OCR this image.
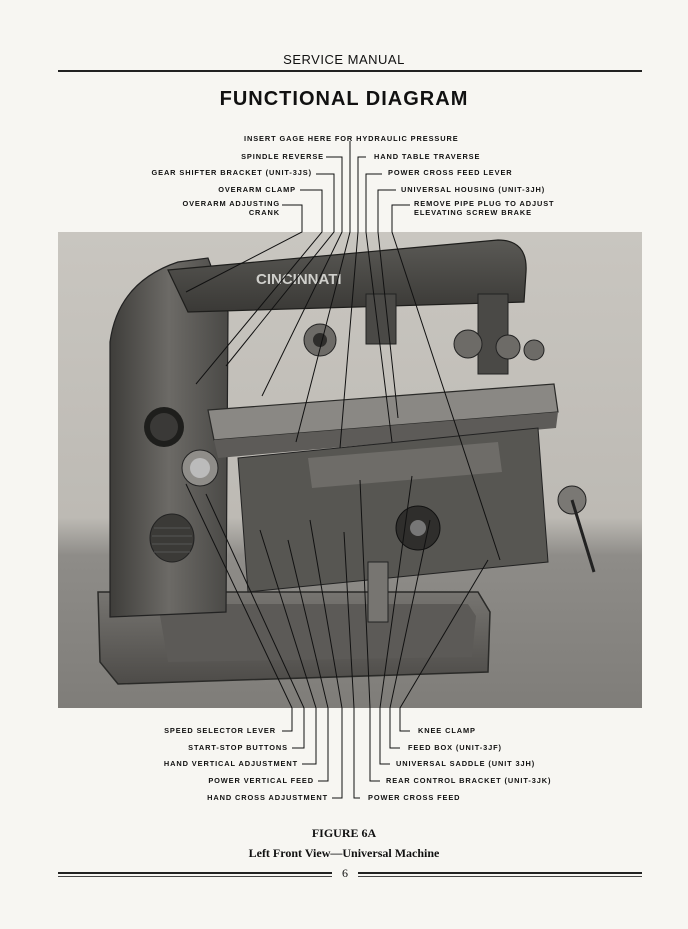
SERVICE MANUAL
FUNCTIONAL DIAGRAM
INSERT GAGE HERE FOR HYDRAULIC PRESSURE
SPINDLE REVERSE	HAND TABLE TRAVERSE
GEAR SHIFTER BRACKET (UNIT-3JS)	POWER CROSS FEED LEVER
OVERARM CLAMP	UNIVERSAL HOUSING (UNIT-3JH)
OVERARM ADJUSTING
CRANK
REMOVE PIPE PLUG TO ADJUST
ELEVATING SCREW BRAKE
CINCINNATI
SPEED SELECTOR LEVER	KNEE CLAMP
START-STOP BUTTONS	FEED BOX (UNIT-3JF)
HAND VERTICAL ADJUSTMENT	UNIVERSAL SADDLE (UNIT 3JH)
POWER VERTICAL FEED	REAR CONTROL BRACKET (UNIT-3JK)
HAND CROSS ADJUSTMENT	POWER CROSS FEED
FIGURE 6A
Left Front View—Universal Machine
6
